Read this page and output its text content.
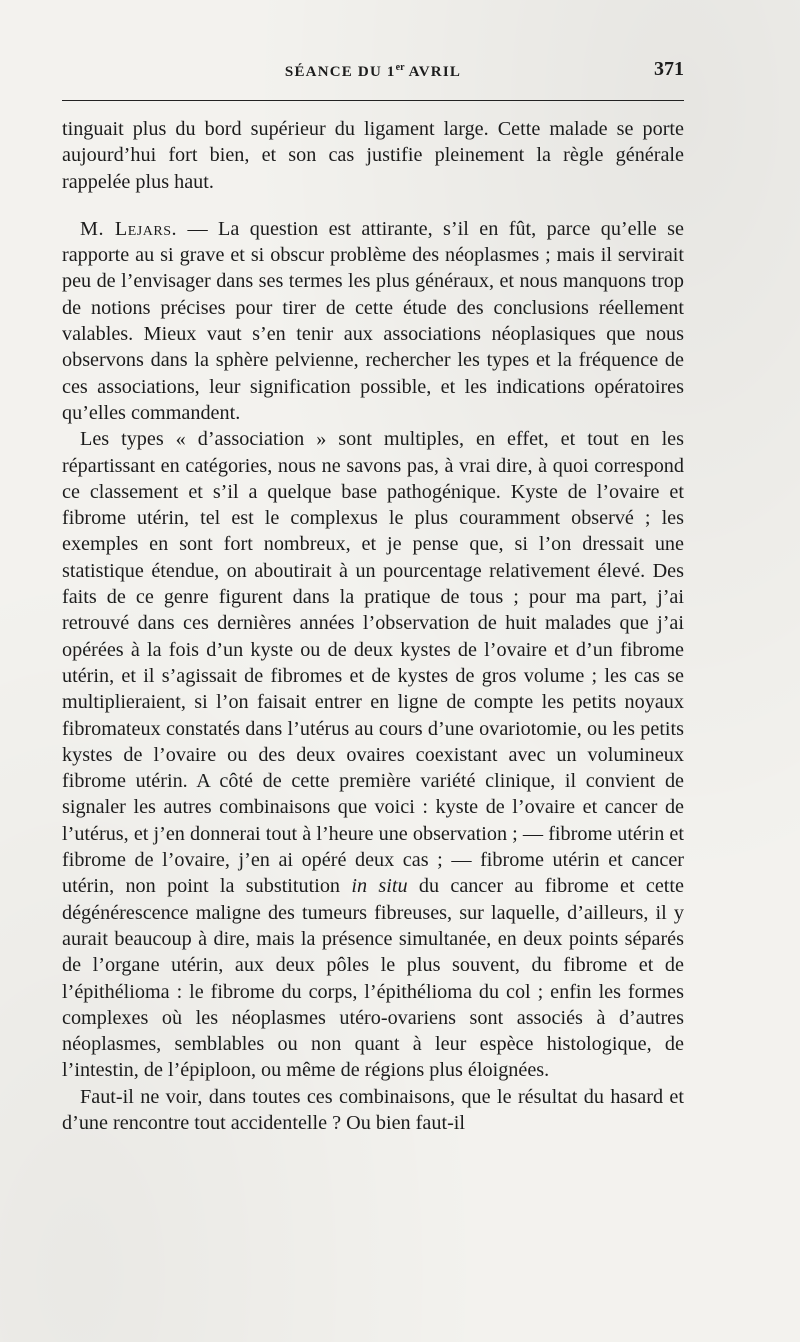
SÉANCE DU 1er AVRIL	371

tinguait plus du bord supérieur du ligament large. Cette malade se porte aujourd’hui fort bien, et son cas justifie pleinement la règle générale rappelée plus haut.

M. Lejars. — La question est attirante, s’il en fût, parce qu’elle se rapporte au si grave et si obscur problème des néoplasmes ; mais il servirait peu de l’envisager dans ses termes les plus généraux, et nous manquons trop de notions précises pour tirer de cette étude des conclusions réellement valables. Mieux vaut s’en tenir aux associations néoplasiques que nous observons dans la sphère pelvienne, rechercher les types et la fréquence de ces associations, leur signification possible, et les indications opératoires qu’elles commandent.

Les types « d’association » sont multiples, en effet, et tout en les répartissant en catégories, nous ne savons pas, à vrai dire, à quoi correspond ce classement et s’il a quelque base pathogénique. Kyste de l’ovaire et fibrome utérin, tel est le complexus le plus couramment observé ; les exemples en sont fort nombreux, et je pense que, si l’on dressait une statistique étendue, on aboutirait à un pourcentage relativement élevé. Des faits de ce genre figurent dans la pratique de tous ; pour ma part, j’ai retrouvé dans ces dernières années l’observation de huit malades que j’ai opérées à la fois d’un kyste ou de deux kystes de l’ovaire et d’un fibrome utérin, et il s’agissait de fibromes et de kystes de gros volume ; les cas se multiplieraient, si l’on faisait entrer en ligne de compte les petits noyaux fibromateux constatés dans l’utérus au cours d’une ovariotomie, ou les petits kystes de l’ovaire ou des deux ovaires coexistant avec un volumineux fibrome utérin. A côté de cette première variété clinique, il convient de signaler les autres combinaisons que voici : kyste de l’ovaire et cancer de l’utérus, et j’en donnerai tout à l’heure une observation ; — fibrome utérin et fibrome de l’ovaire, j’en ai opéré deux cas ; — fibrome utérin et cancer utérin, non point la substitution in situ du cancer au fibrome et cette dégénérescence maligne des tumeurs fibreuses, sur laquelle, d’ailleurs, il y aurait beaucoup à dire, mais la présence simultanée, en deux points séparés de l’organe utérin, aux deux pôles le plus souvent, du fibrome et de l’épithélioma : le fibrome du corps, l’épithélioma du col ; enfin les formes complexes où les néoplasmes utéro-ovariens sont associés à d’autres néoplasmes, semblables ou non quant à leur espèce histologique, de l’intestin, de l’épiploon, ou même de régions plus éloignées.

Faut-il ne voir, dans toutes ces combinaisons, que le résultat du hasard et d’une rencontre tout accidentelle ? Ou bien faut-il
